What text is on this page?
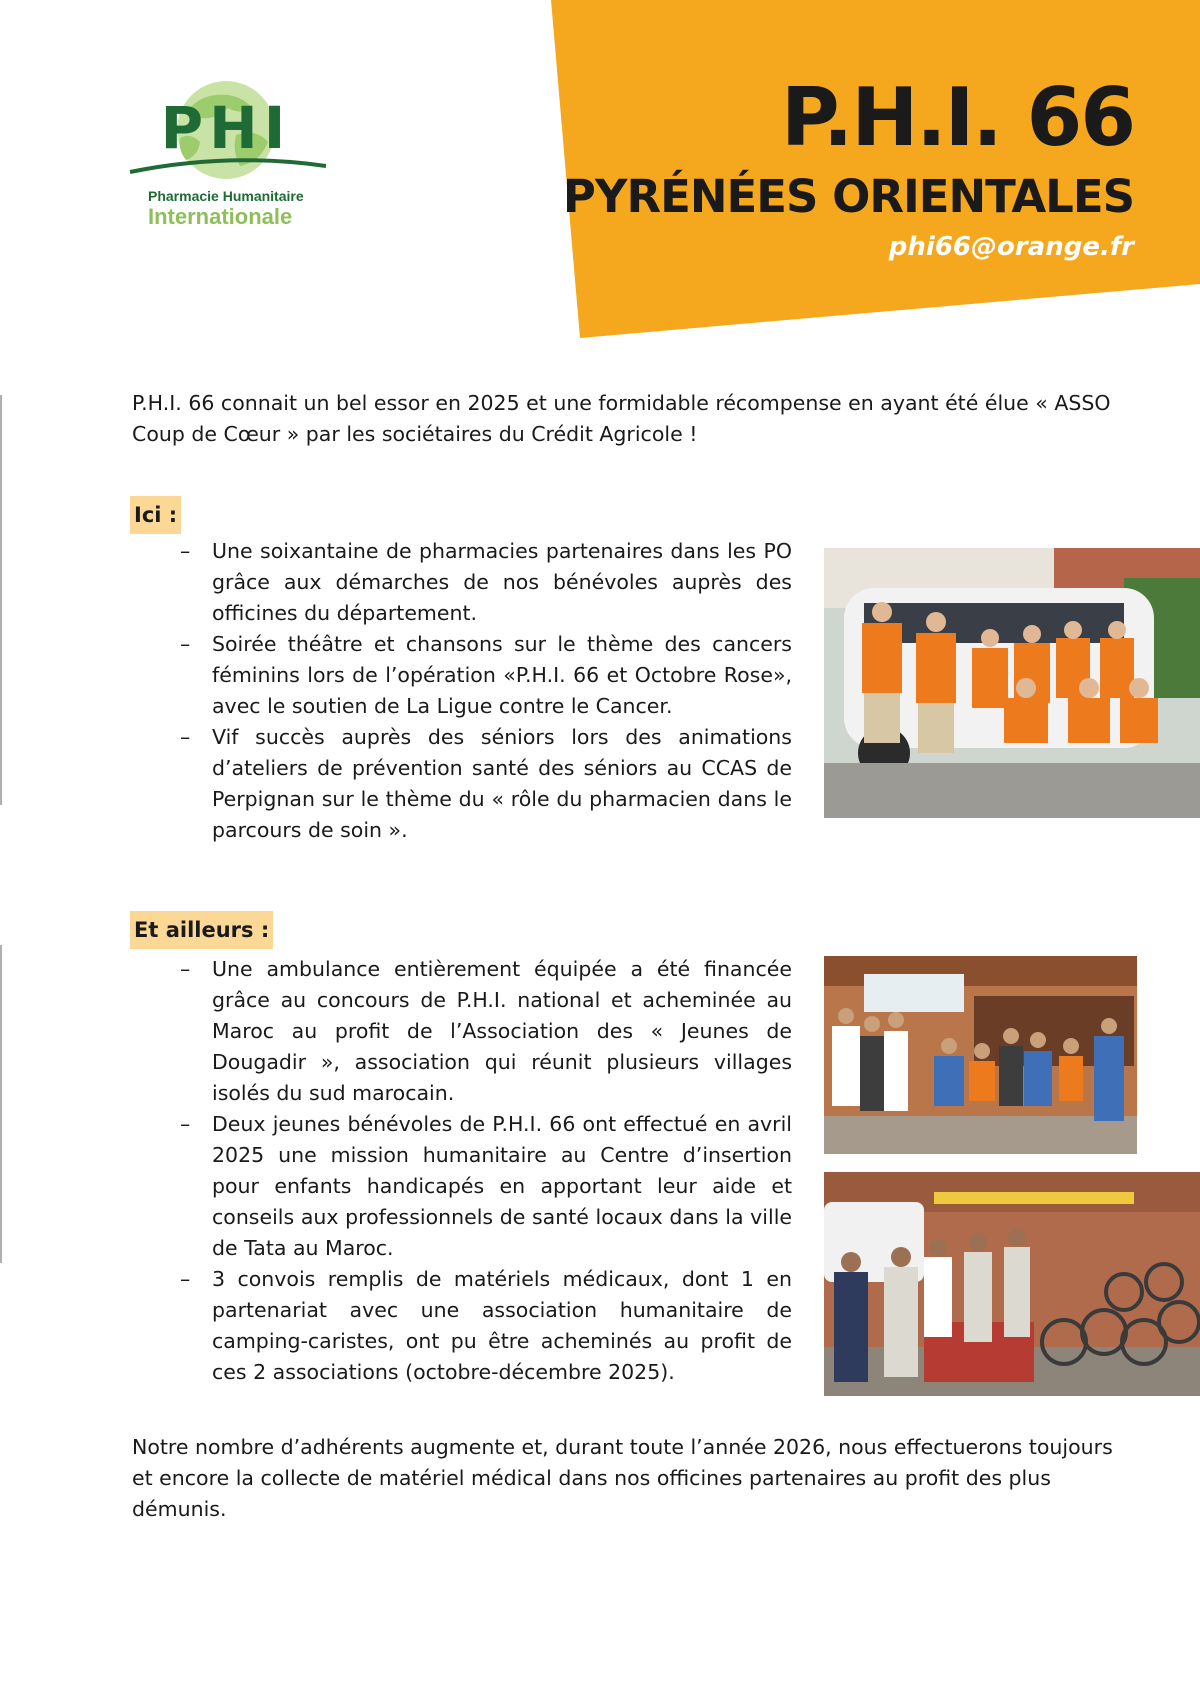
P.H.I. 66
PYRÉNÉES ORIENTALES
phi66@orange.fr
PHI
Pharmacie Humanitaire
Internationale
P.H.I. 66 connait un bel essor en 2025 et une formidable récompense en ayant été élue « ASSO Coup de Cœur » par les sociétaires du Crédit Agricole !
Ici :
– Une soixantaine de pharmacies partenaires dans les PO grâce aux démarches de nos bénévoles auprès des officines du département.
– Soirée théâtre et chansons sur le thème des cancers féminins lors de l’opération «P.H.I. 66 et Octobre Rose», avec le soutien de La Ligue contre le Cancer.
– Vif succès auprès des séniors lors des animations d’ateliers de prévention santé des séniors au CCAS de Perpignan sur le thème du « rôle du pharmacien dans le parcours de soin ».
Et ailleurs :
– Une ambulance entièrement équipée a été financée grâce au concours de P.H.I. national et acheminée au Maroc au profit de l’Association des « Jeunes de Dougadir », association qui réunit plusieurs villages isolés du sud marocain.
– Deux jeunes bénévoles de P.H.I. 66 ont effectué en avril 2025 une mission humanitaire au Centre d’insertion pour enfants handicapés en apportant leur aide et conseils aux professionnels de santé locaux dans la ville de Tata au Maroc.
– 3 convois remplis de matériels médicaux, dont 1 en partenariat avec une association humanitaire de camping-caristes, ont pu être acheminés au profit de ces 2 associations (octobre-décembre 2025).
Notre nombre d’adhérents augmente et, durant toute l’année 2026, nous effectuerons toujours et encore la collecte de matériel médical dans nos officines partenaires au profit des plus démunis.
